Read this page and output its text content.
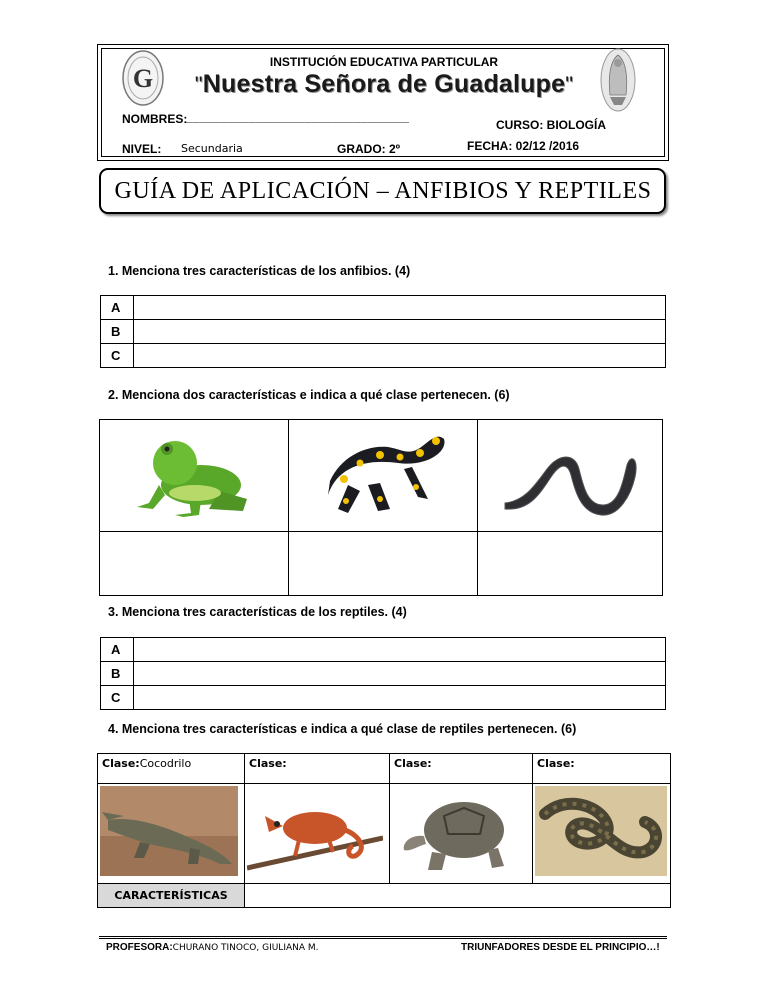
G
INSTITUCIÓN EDUCATIVA PARTICULAR
"Nuestra Señora de Guadalupe"
NOMBRES:
________________________________
CURSO: BIOLOGÍA
NIVEL: Secundaria	GRADO: 2º	FECHA: 02/12 /2016
GUÍA DE APLICACIÓN – ANFIBIOS Y REPTILES
1. Menciona tres características de los anfibios. (4)
A	
B	
C	
2. Menciona dos características e indica a qué clase pertenecen. (6)

3. Menciona tres características de los reptiles. (4)
A	
B	
C	
4. Menciona tres características e indica a qué clase de reptiles pertenecen. (6)
Clase:Cocodrilo	Clase:	Clase:	Clase:

CARACTERÍSTICAS			
PROFESORA:CHURANO TINOCO, GIULIANA M.	TRIUNFADORES DESDE EL PRINCIPIO…!
